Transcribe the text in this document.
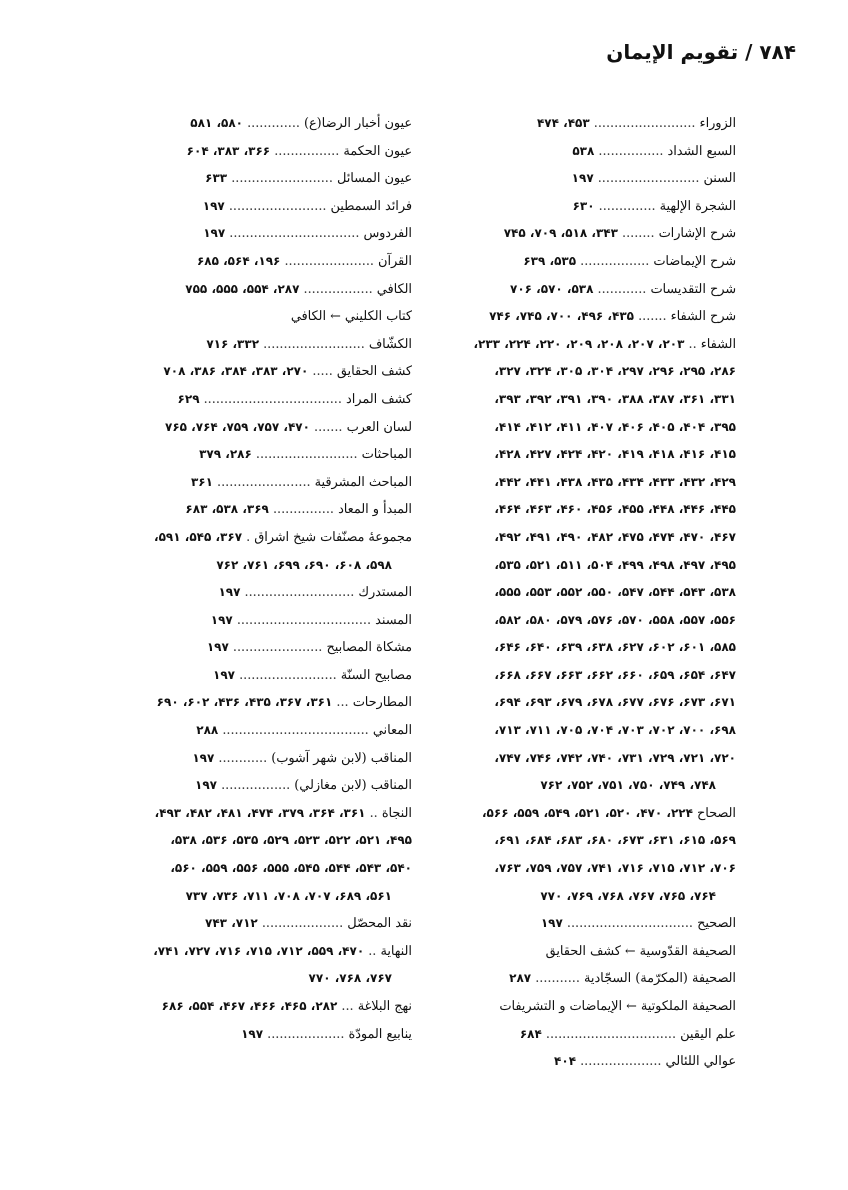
۷۸۴ / تقويم الإيمان
الزوراء ......................... ۴۵۳، ۴۷۴
السبع الشداد ................ ۵۳۸
السنن ......................... ۱۹۷
الشجرة الإلهية .............. ۶۳۰
شرح الإشارات ........ ۳۴۳، ۵۱۸، ۷۰۹، ۷۴۵
شرح الإيماضات ................. ۵۳۵، ۶۳۹
شرح التقديسات ............ ۵۳۸، ۵۷۰، ۷۰۶
شرح الشفاء ....... ۴۳۵، ۴۹۶، ۷۰۰، ۷۴۵، ۷۴۶
الشفاء .. ۲۰۳، ۲۰۷، ۲۰۸، ۲۰۹، ۲۲۰، ۲۲۴، ۲۳۳،
۲۸۶، ۲۹۵، ۲۹۶، ۲۹۷، ۳۰۴، ۳۰۵، ۳۲۴، ۳۲۷،
۳۳۱، ۳۶۱، ۳۸۷، ۳۸۸، ۳۹۰، ۳۹۱، ۳۹۲، ۳۹۳،
۳۹۵، ۴۰۴، ۴۰۵، ۴۰۶، ۴۰۷، ۴۱۱، ۴۱۲، ۴۱۴،
۴۱۵، ۴۱۶، ۴۱۸، ۴۱۹، ۴۲۰، ۴۲۴، ۴۲۷، ۴۲۸،
۴۲۹، ۴۳۲، ۴۳۳، ۴۳۴، ۴۳۵، ۴۳۸، ۴۴۱، ۴۴۲،
۴۴۵، ۴۴۶، ۴۴۸، ۴۵۵، ۴۵۶، ۴۶۰، ۴۶۳، ۴۶۴،
۴۶۷، ۴۷۰، ۴۷۴، ۴۷۵، ۴۸۲، ۴۹۰، ۴۹۱، ۴۹۲،
۴۹۵، ۴۹۷، ۴۹۸، ۴۹۹، ۵۰۴، ۵۱۱، ۵۲۱، ۵۳۵،
۵۳۸، ۵۴۳، ۵۴۴، ۵۴۷، ۵۵۰، ۵۵۲، ۵۵۳، ۵۵۵،
۵۵۶، ۵۵۷، ۵۵۸، ۵۷۰، ۵۷۶، ۵۷۹، ۵۸۰، ۵۸۲،
۵۸۵، ۶۰۱، ۶۰۲، ۶۲۷، ۶۳۸، ۶۳۹، ۶۴۰، ۶۴۶،
۶۴۷، ۶۵۴، ۶۵۹، ۶۶۰، ۶۶۲، ۶۶۳، ۶۶۷، ۶۶۸،
۶۷۱، ۶۷۳، ۶۷۶، ۶۷۷، ۶۷۸، ۶۷۹، ۶۹۳، ۶۹۴،
۶۹۸، ۷۰۰، ۷۰۲، ۷۰۳، ۷۰۴، ۷۰۵، ۷۱۱، ۷۱۳،
۷۲۰، ۷۲۱، ۷۲۹، ۷۳۱، ۷۴۰، ۷۴۲، ۷۴۶، ۷۴۷،
۷۴۸، ۷۴۹، ۷۵۰، ۷۵۱، ۷۵۲، ۷۶۲
الصحاح ۲۲۴، ۴۷۰، ۵۲۰، ۵۲۱، ۵۴۹، ۵۵۹، ۵۶۶،
۵۶۹، ۶۱۵، ۶۳۱، ۶۷۳، ۶۸۰، ۶۸۳، ۶۸۴، ۶۹۱،
۷۰۶، ۷۱۲، ۷۱۵، ۷۱۶، ۷۴۱، ۷۵۷، ۷۵۹، ۷۶۳،
۷۶۴، ۷۶۵، ۷۶۷، ۷۶۸، ۷۶۹، ۷۷۰
الصحيح ............................... ۱۹۷
الصحيفة القدّوسية ← كشف الحقايق
الصحيفة (المكرّمة) السجّادية ........... ۲۸۷
الصحيفة الملكوتية ← الإيماضات و التشريفات
علم اليقين ................................ ۶۸۴
عوالي اللئالي .................... ۴۰۴
عيون أخبار الرضا(ع) ............. ۵۸۰، ۵۸۱
عيون الحكمة ................ ۳۶۶، ۳۸۳، ۶۰۴
عيون المسائل ......................... ۶۳۳
فرائد السمطين ........................ ۱۹۷
الفردوس ................................ ۱۹۷
القرآن ...................... ۱۹۶، ۵۶۴، ۶۸۵
الكافي ................. ۲۸۷، ۵۵۴، ۵۵۵، ۷۵۵
كتاب الكليني ← الكافي
الكشّاف ......................... ۳۳۲، ۷۱۶
كشف الحقايق ..... ۲۷۰، ۳۸۳، ۳۸۴، ۳۸۶، ۷۰۸
كشف المراد .................................. ۶۲۹
لسان العرب ....... ۴۷۰، ۷۵۷، ۷۵۹، ۷۶۴، ۷۶۵
المباحثات ......................... ۲۸۶، ۳۷۹
المباحث المشرقية ....................... ۳۶۱
المبدأ و المعاد ............... ۳۶۹، ۵۳۸، ۶۸۳
مجموعهٔ مصنّفات شيخ اشراق . ۳۶۷، ۵۴۵، ۵۹۱،
۵۹۸، ۶۰۸، ۶۹۰، ۶۹۹، ۷۶۱، ۷۶۲
المستدرك ........................... ۱۹۷
المسند ................................. ۱۹۷
مشكاة المصابيح ...................... ۱۹۷
مصابيح السنّة ........................ ۱۹۷
المطارحات ... ۳۶۱، ۳۶۷، ۴۳۵، ۴۳۶، ۶۰۲، ۶۹۰
المعاني .................................... ۲۸۸
المناقب (لابن شهر آشوب) ............ ۱۹۷
المناقب (لابن مغازلي) ................. ۱۹۷
النجاة .. ۳۶۱، ۳۶۴، ۳۷۹، ۴۷۴، ۴۸۱، ۴۸۲، ۴۹۳،
۴۹۵، ۵۲۱، ۵۲۲، ۵۲۳، ۵۲۹، ۵۳۵، ۵۳۶، ۵۳۸،
۵۴۰، ۵۴۳، ۵۴۴، ۵۴۵، ۵۵۵، ۵۵۶، ۵۵۹، ۵۶۰،
۵۶۱، ۶۸۹، ۷۰۷، ۷۰۸، ۷۱۱، ۷۳۶، ۷۳۷
نقد المحصّل .................... ۷۱۲، ۷۴۳
النهاية .. ۴۷۰، ۵۵۹، ۷۱۲، ۷۱۵، ۷۱۶، ۷۲۷، ۷۴۱،
۷۶۷، ۷۶۸، ۷۷۰
نهج البلاغة ... ۲۸۲، ۴۶۵، ۴۶۶، ۴۶۷، ۵۵۴، ۶۸۶
ينابيع المودّة ................... ۱۹۷
